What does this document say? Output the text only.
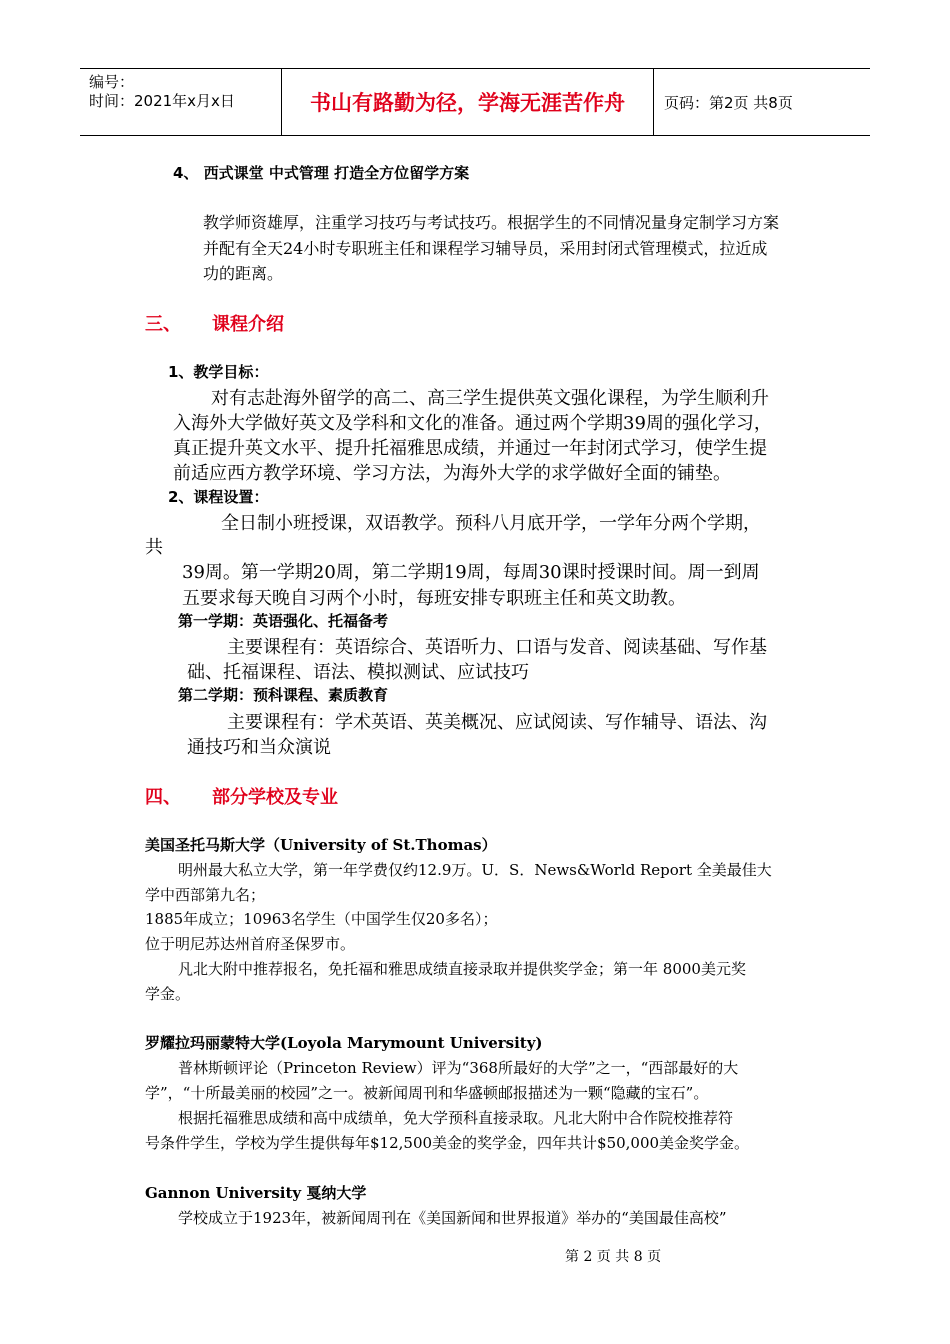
编号：
时间：2021年x月x日	书山有路勤为径，学海无涯苦作舟	页码：第2页 共8页
4、 西式课堂 中式管理 打造全方位留学方案
教学师资雄厚，注重学习技巧与考试技巧。根据学生的不同情况量身定制学习方案
并配有全天24小时专职班主任和课程学习辅导员，采用封闭式管理模式，拉近成
功的距离。
三、 课程介绍
1、教学目标：
对有志赴海外留学的高二、高三学生提供英文强化课程，为学生顺利升
入海外大学做好英文及学科和文化的准备。通过两个学期39周的强化学习，
真正提升英文水平、提升托福雅思成绩，并通过一年封闭式学习，使学生提
前适应西方教学环境、学习方法，为海外大学的求学做好全面的铺垫。
2、课程设置：
全日制小班授课，双语教学。预科八月底开学，一学年分两个学期，
共
39周。第一学期20周，第二学期19周，每周30课时授课时间。周一到周
五要求每天晚自习两个小时，每班安排专职班主任和英文助教。
第一学期：英语强化、托福备考
主要课程有：英语综合、英语听力、口语与发音、阅读基础、写作基
础、托福课程、语法、模拟测试、应试技巧
第二学期：预科课程、素质教育
主要课程有：学术英语、英美概况、应试阅读、写作辅导、语法、沟
通技巧和当众演说
四、 部分学校及专业
美国圣托马斯大学（University of St.Thomas）
明州最大私立大学，第一年学费仅约12.9万。U．S．News&World Report 全美最佳大
学中西部第九名；
1885年成立；10963名学生（中国学生仅20多名）；
位于明尼苏达州首府圣保罗市。
凡北大附中推荐报名，免托福和雅思成绩直接录取并提供奖学金；第一年 8000美元奖
学金。
罗耀拉玛丽蒙特大学(Loyola Marymount University)
普林斯顿评论（Princeton Review）评为“368所最好的大学”之一，“西部最好的大
学”，“十所最美丽的校园”之一。被新闻周刊和华盛顿邮报描述为一颗“隐藏的宝石”。
根据托福雅思成绩和高中成绩单，免大学预科直接录取。凡北大附中合作院校推荐符
号条件学生，学校为学生提供每年$12,500美金的奖学金，四年共计$50,000美金奖学金。
Gannon University 戛纳大学
学校成立于1923年，被新闻周刊在《美国新闻和世界报道》举办的“美国最佳高校”
第 2 页 共 8 页
